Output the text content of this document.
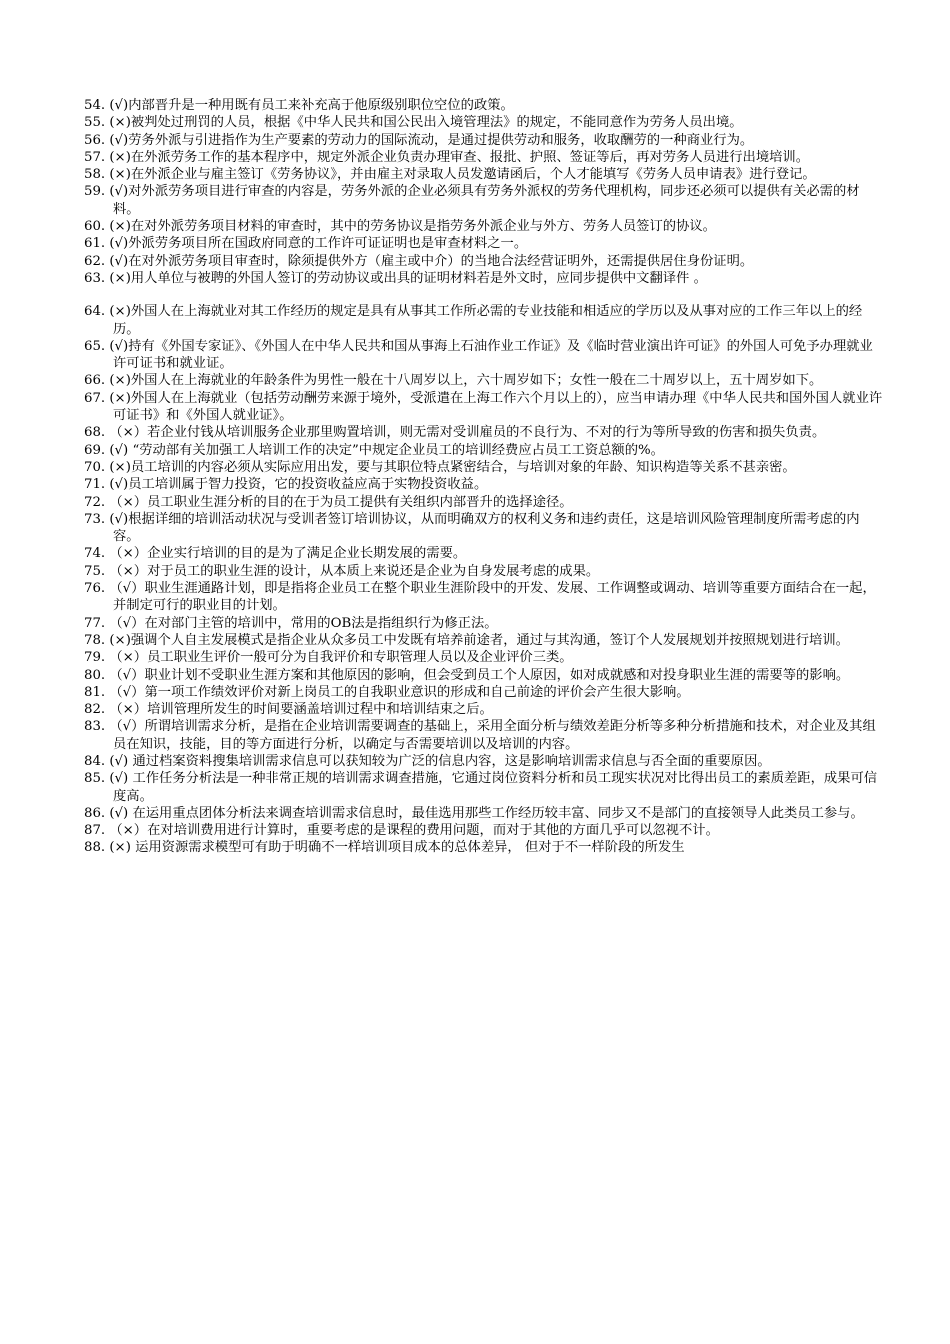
54. (√)内部晋升是一种用既有员工来补充高于他原级别职位空位的政策。

55. (×)被判处过刑罚的人员，根据《中华人民共和国公民出入境管理法》的规定，不能同意作为劳务人员出境。

56. (√)劳务外派与引进指作为生产要素的劳动力的国际流动，是通过提供劳动和服务，收取酬劳的一种商业行为。

57. (×)在外派劳务工作的基本程序中，规定外派企业负责办理审查、报批、护照、签证等后，再对劳务人员进行出境培训。

58. (×)在外派企业与雇主签订《劳务协议》，并由雇主对录取人员发邀请函后，个人才能填写《劳务人员申请表》进行登记。

59. (√)对外派劳务项目进行审查的内容是，劳务外派的企业必须具有劳务外派权的劳务代理机构，同步还必须可以提供有关必需的材料。

60. (×)在对外派劳务项目材料的审查时，其中的劳务协议是指劳务外派企业与外方、劳务人员签订的协议。

61. (√)外派劳务项目所在国政府同意的工作许可证证明也是审查材料之一。

62. (√)在对外派劳务项目审查时，除须提供外方（雇主或中介）的当地合法经营证明外，还需提供居住身份证明。

63. (×)用人单位与被聘的外国人签订的劳动协议或出具的证明材料若是外文时，应同步提供中文翻译件 。

64. (×)外国人在上海就业对其工作经历的规定是具有从事其工作所必需的专业技能和相适应的学历以及从事对应的工作三年以上的经历。

65. (√)持有《外国专家证》、《外国人在中华人民共和国从事海上石油作业工作证》及《临时营业演出许可证》的外国人可免予办理就业许可证书和就业证。

66. (×)外国人在上海就业的年龄条件为男性一般在十八周岁以上，六十周岁如下；女性一般在二十周岁以上，五十周岁如下。

67. (×)外国人在上海就业（包括劳动酬劳来源于境外，受派遣在上海工作六个月以上的），应当申请办理《中华人民共和国外国人就业许可证书》和《外国人就业证》。

68. （×）若企业付钱从培训服务企业那里购置培训，则无需对受训雇员的不良行为、不对的行为等所导致的伤害和损失负责。

69. (√) “劳动部有关加强工人培训工作的决定”中规定企业员工的培训经费应占员工工资总额的%。

70. (×)员工培训的内容必须从实际应用出发，要与其职位特点紧密结合，与培训对象的年龄、知识构造等关系不甚亲密。

71. (√)员工培训属于智力投资，它的投资收益应高于实物投资收益。

72. （×）员工职业生涯分析的目的在于为员工提供有关组织内部晋升的选择途径。

73. (√)根据详细的培训活动状况与受训者签订培训协议，从而明确双方的权利义务和违约责任，这是培训风险管理制度所需考虑的内容。

74. （×）企业实行培训的目的是为了满足企业长期发展的需要。

75. （×）对于员工的职业生涯的设计，从本质上来说还是企业为自身发展考虑的成果。

76. （√）职业生涯通路计划，即是指将企业员工在整个职业生涯阶段中的开发、发展、工作调整或调动、培训等重要方面结合在一起，并制定可行的职业目的计划。

77. （√）在对部门主管的培训中，常用的OB法是指组织行为修正法。

78. (×)强调个人自主发展模式是指企业从众多员工中发既有培养前途者，通过与其沟通，签订个人发展规划并按照规划进行培训。

79. （×）员工职业生评价一般可分为自我评价和专职管理人员以及企业评价三类。

80. （√）职业计划不受职业生涯方案和其他原因的影响，但会受到员工个人原因，如对成就感和对投身职业生涯的需要等的影响。

81. （√）第一项工作绩效评价对新上岗员工的自我职业意识的形成和自己前途的评价会产生很大影响。

82. （×）培训管理所发生的时间要涵盖培训过程中和培训结束之后。

83. （√）所谓培训需求分析，是指在企业培训需要调查的基础上，采用全面分析与绩效差距分析等多种分析措施和技术，对企业及其组员在知识，技能，目的等方面进行分析，以确定与否需要培训以及培训的内容。

84. (√) 通过档案资料搜集培训需求信息可以获知较为广泛的信息内容，这是影响培训需求信息与否全面的重要原因。

85. (√) 工作任务分析法是一种非常正规的培训需求调查措施，它通过岗位资料分析和员工现实状况对比得出员工的素质差距，成果可信度高。

86. (√) 在运用重点团体分析法来调查培训需求信息时，最佳选用那些工作经历较丰富、同步又不是部门的直接领导人此类员工参与。

87. （×）在对培训费用进行计算时，重要考虑的是课程的费用问题，而对于其他的方面几乎可以忽视不计。

88. (×) 运用资源需求模型可有助于明确不一样培训项目成本的总体差异， 但对于不一样阶段的所发生
